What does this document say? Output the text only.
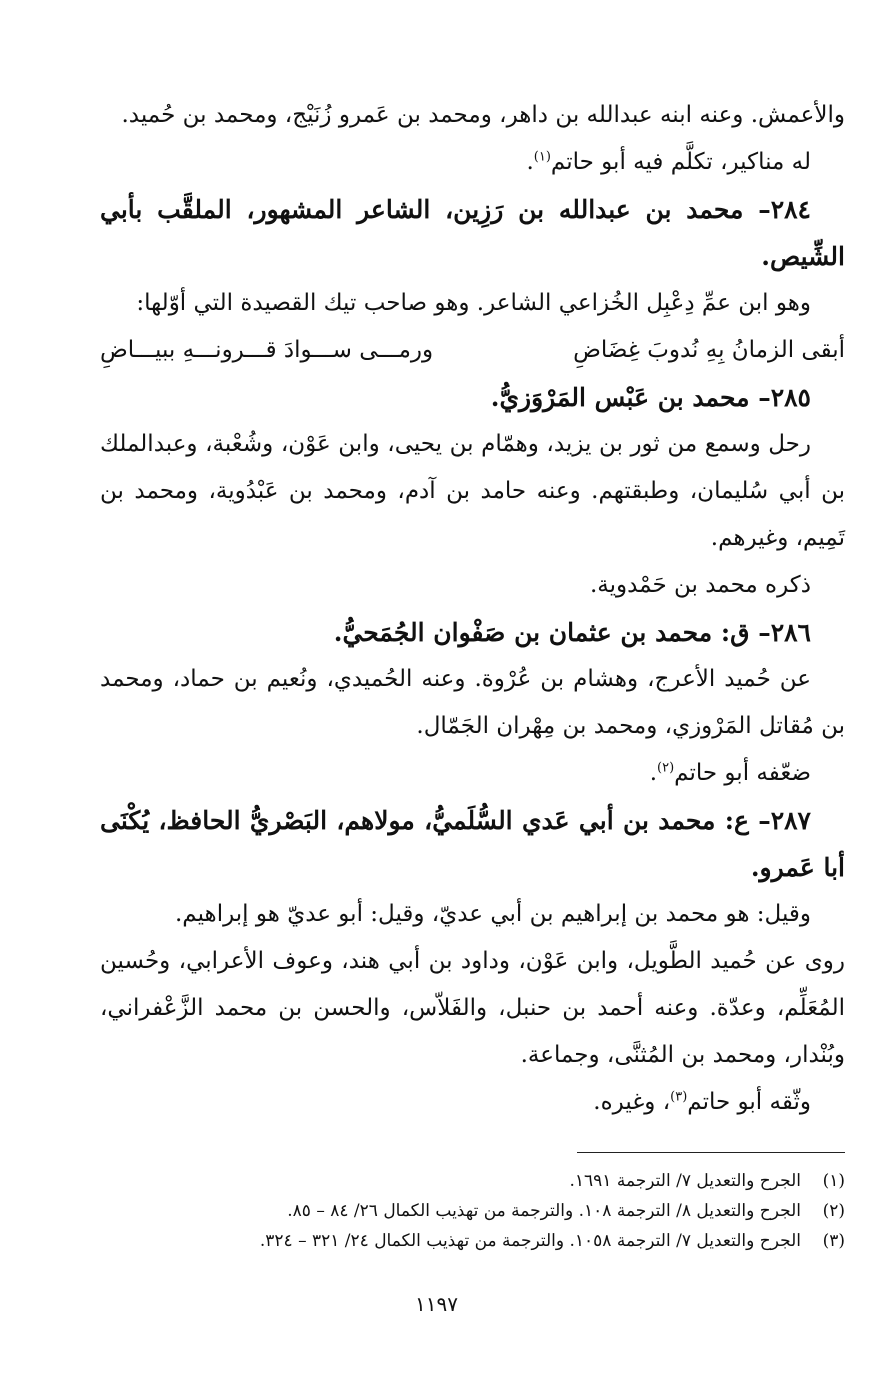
والأعمش. وعنه ابنه عبدالله بن داهر، ومحمد بن عَمرو زُنَيْج، ومحمد بن حُميد.

له مناكير، تكلَّم فيه أبو حاتم$^{(١)}$.

٢٨٤– محمد بن عبدالله بن رَزِين، الشاعر المشهور، الملقَّب بأبي الشِّيص.

وهو ابن عمِّ دِعْبِل الخُزاعي الشاعر. وهو صاحب تيك القصيدة التي أوّلها:

أبقى الزمانُ بِهِ نُدوبَ غِضَاضِ
ورمـــى ســـوادَ قـــرونـــهِ ببيـــاضِ

٢٨٥– محمد بن عَبْس المَرْوَزيُّ.

رحل وسمع من ثور بن يزيد، وهمّام بن يحيى، وابن عَوْن، وشُعْبة، وعبدالملك بن أبي سُليمان، وطبقتهم. وعنه حامد بن آدم، ومحمد بن عَبْدُوية، ومحمد بن تَمِيم، وغيرهم.

ذكره محمد بن حَمْدوية.

٢٨٦– ق: محمد بن عثمان بن صَفْوان الجُمَحيُّ.

عن حُميد الأعرج، وهشام بن عُرْوة. وعنه الحُميدي، ونُعيم بن حماد، ومحمد بن مُقاتل المَرْوزي، ومحمد بن مِهْران الجَمّال.

ضعّفه أبو حاتم$^{(٢)}$.

٢٨٧– ع: محمد بن أبي عَدي السُّلَميُّ، مولاهم، البَصْريُّ الحافظ، يُكْنَى أبا عَمرو.

وقيل: هو محمد بن إبراهيم بن أبي عديّ، وقيل: أبو عديّ هو إبراهيم.

روى عن حُميد الطَّويل، وابن عَوْن، وداود بن أبي هند، وعوف الأعرابي، وحُسين المُعَلِّم، وعدّة. وعنه أحمد بن حنبل، والفَلاّس، والحسن بن محمد الزَّعْفراني، وبُنْدار، ومحمد بن المُثنَّى، وجماعة.

وثّقه أبو حاتم$^{(٣)}$، وغيره.

(١)الجرح والتعديل ٧/ الترجمة ١٦٩١.

(٢)الجرح والتعديل ٨/ الترجمة ١٠٨. والترجمة من تهذيب الكمال ٢٦/ ٨٤ – ٨٥.

(٣)الجرح والتعديل ٧/ الترجمة ١٠٥٨. والترجمة من تهذيب الكمال ٢٤/ ٣٢١ – ٣٢٤.

١١٩٧
